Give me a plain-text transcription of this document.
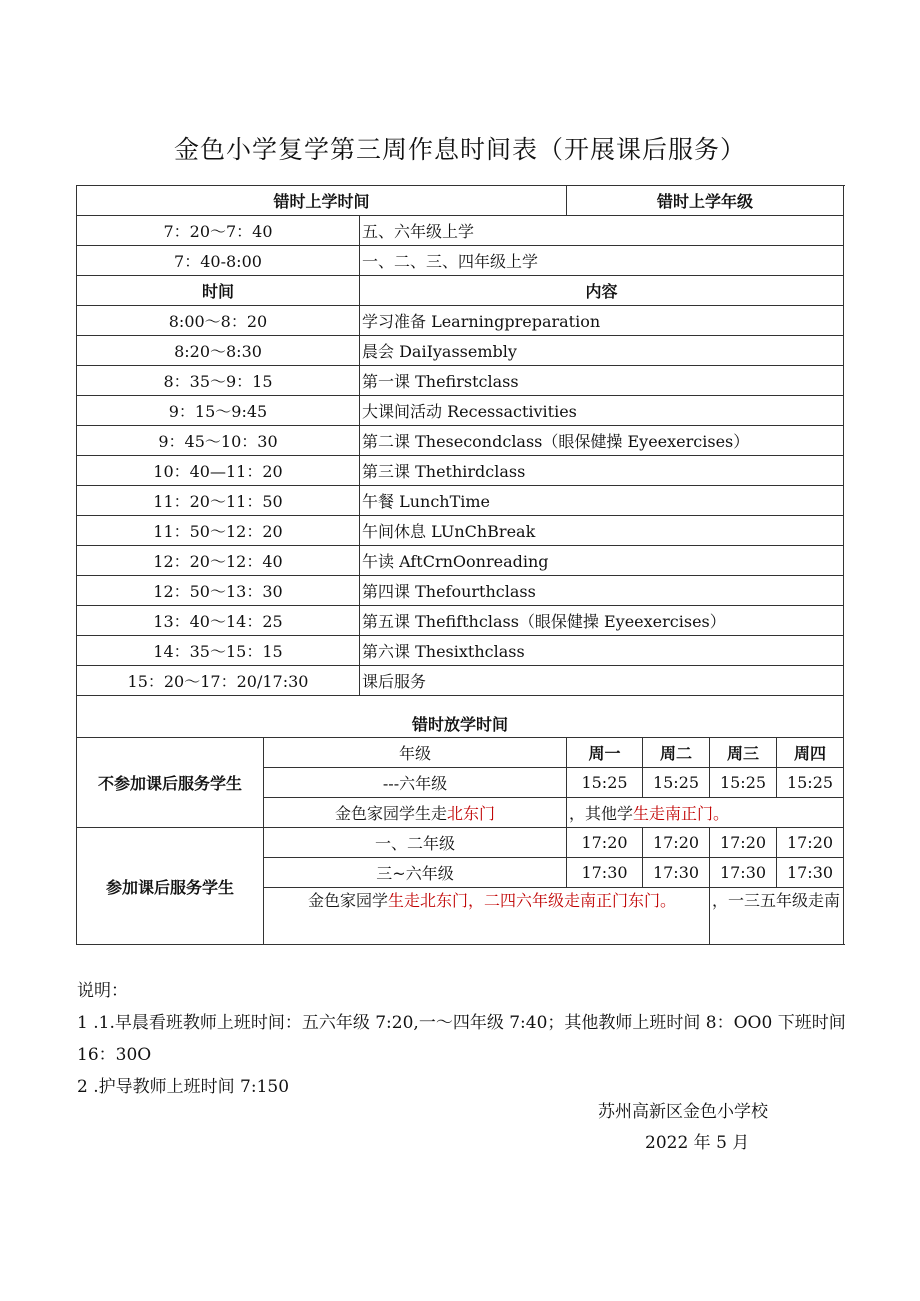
金色小学复学第三周作息时间表（开展课后服务）
错时上学时间			错时上学年级				
7：20～7：40		五、六年级上学					
7：40-8:00		一、二、三、四年级上学					
时间		内容					
8:00～8：20		学习准备 Learningpreparation					
8:20～8:30		晨会 DaiIyassembly					
8：35～9：15		第一课 Thefirstclass					
9：15～9:45		大课间活动 Recessactivities					
9：45～10：30		第二课 Thesecondclass（眼保健操 Eyeexercises）					
10：40—11：20		第三课 Thethirdclass					
11：20～11：50		午餐 LunchTime					
11：50～12：20		午间休息 LUnChBreak					
12：20～12：40		午读 AftCrnOonreading					
12：50～13：30		第四课 Thefourthclass					
13：40～14：25		第五课 Thefifthclass（眼保健操 Eyeexercises）					
14：35～15：15		第六课 Thesixthclass					
15：20～17：20/17:30		课后服务					
错时放学时间							
不参加课后服务学生	年级		周一	周二	周三	周四	
	---六年级		15:25	15:25	15:25	15:25	
	金色家园学生走北东门		，其他学生走南正门。				
参加课后服务学生	一、二年级		17:20	17:20	17:20	17:20	
	三~六年级		17:30	17:30	17:30	17:30	
	金色家园学生走北东门，二四六年级走南正门东门。				，一三五年级走南		
说明：
1 .1.早晨看班教师上班时间：五六年级 7:20,一～四年级 7:40；其他教师上班时间 8：OO0 下班时间 16：30O
2 .护导教师上班时间 7:150
苏州高新区金色小学校
2022 年 5 月
